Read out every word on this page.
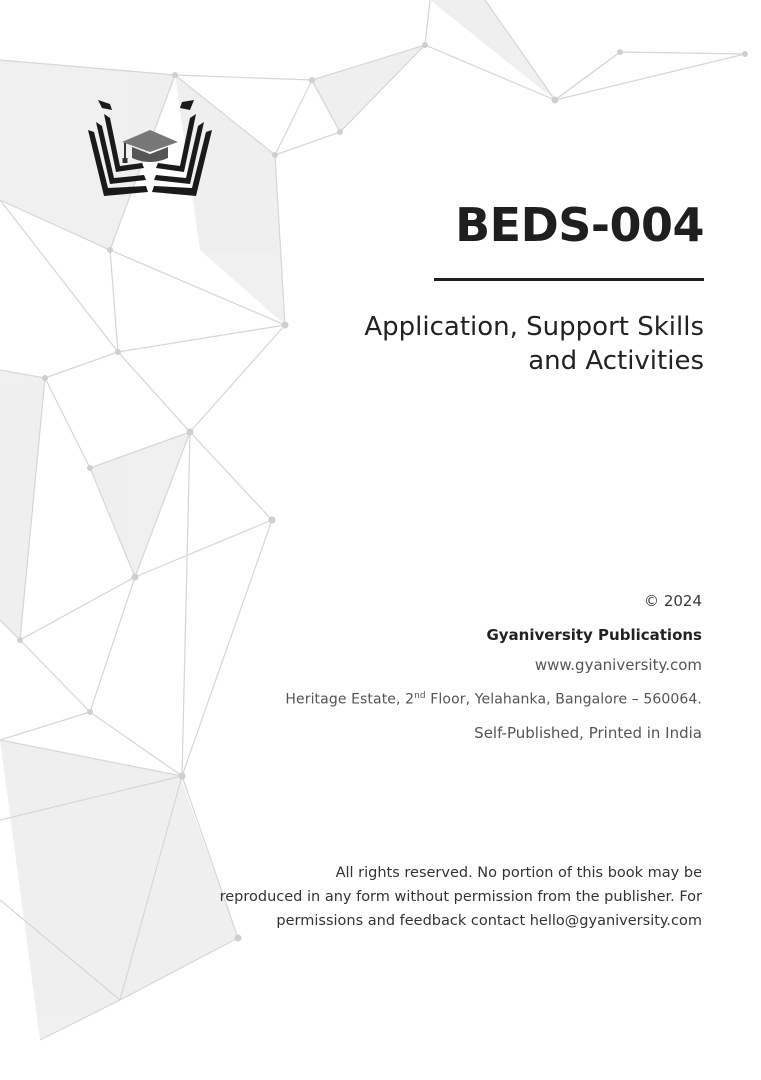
BEDS-004
Application, Support Skills
and Activities
© 2024
Gyaniversity Publications
www.gyaniversity.com
Heritage Estate, 2nd Floor, Yelahanka, Bangalore – 560064.
Self-Published, Printed in India
All rights reserved. No portion of this book may be
reproduced in any form without permission from the publisher. For
permissions and feedback contact hello@gyaniversity.com
